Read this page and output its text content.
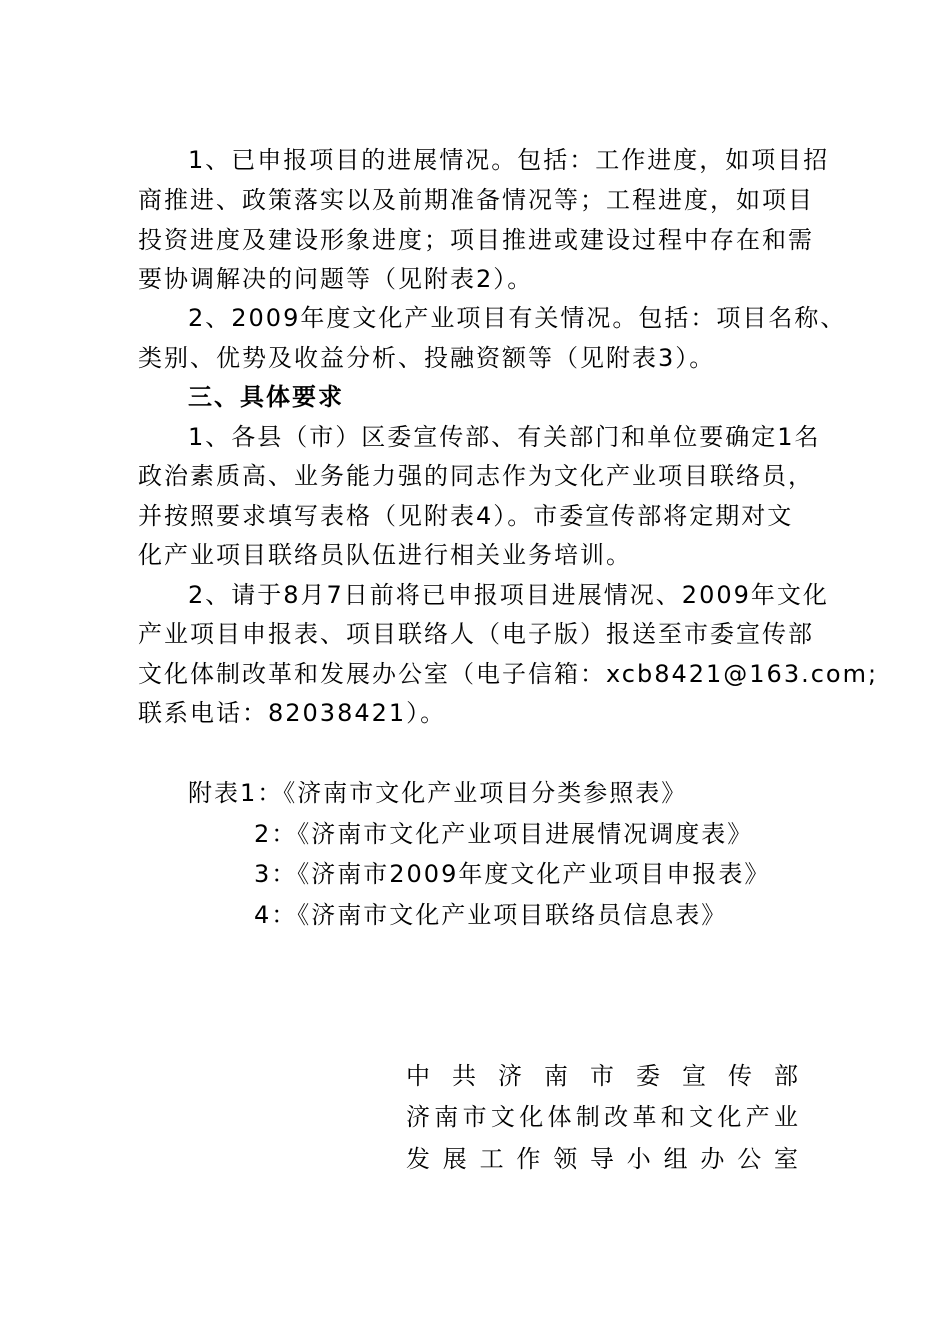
1、已申报项目的进展情况。包括：工作进度，如项目招
商推进、政策落实以及前期准备情况等；工程进度，如项目
投资进度及建设形象进度；项目推进或建设过程中存在和需
要协调解决的问题等（见附表2）。
2、2009年度文化产业项目有关情况。包括：项目名称、
类别、优势及收益分析、投融资额等（见附表3）。
三、具体要求
1、各县（市）区委宣传部、有关部门和单位要确定1名
政治素质高、业务能力强的同志作为文化产业项目联络员，
并按照要求填写表格（见附表4）。市委宣传部将定期对文
化产业项目联络员队伍进行相关业务培训。
2、请于8月7日前将已申报项目进展情况、2009年文化
产业项目申报表、项目联络人（电子版）报送至市委宣传部
文化体制改革和发展办公室（电子信箱：xcb8421@163.com;
联系电话：82038421）。
附表1：《济南市文化产业项目分类参照表》
2：《济南市文化产业项目进展情况调度表》
3：《济南市2009年度文化产业项目申报表》
4：《济南市文化产业项目联络员信息表》
中共济南市委宣传部
济南市文化体制改革和文化产业
发展工作领导小组办公室
